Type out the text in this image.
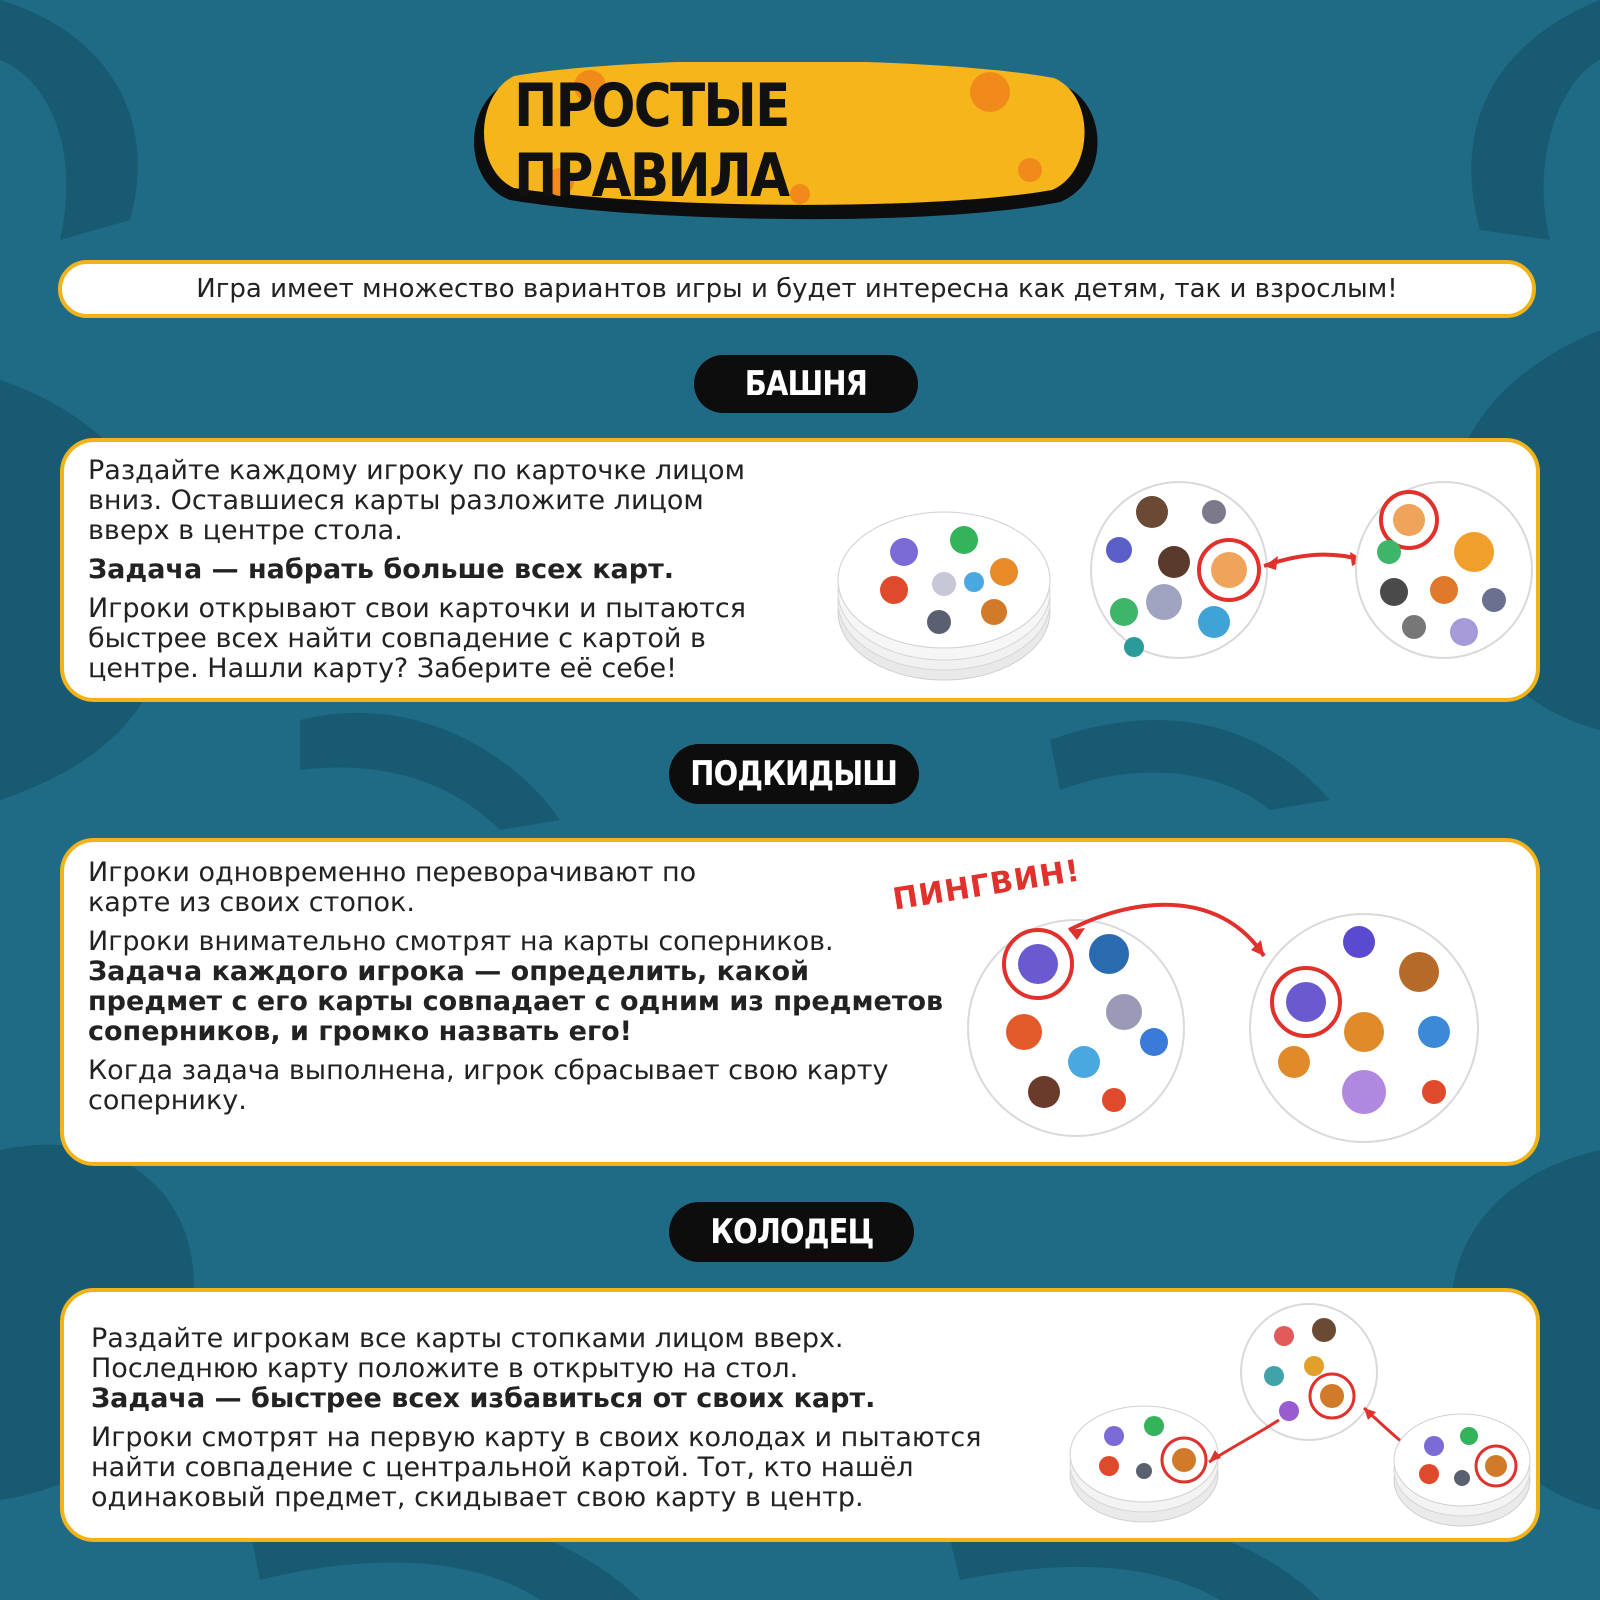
ПРОСТЫЕ ПРАВИЛА
Игра имеет множество вариантов игры и будет интересна как детям, так и взрослым!
БАШНЯ

Раздайте каждому игроку по карточке лицом вниз. Оставшиеся карты разложите лицом вверх в центре стола.

Задача — набрать больше всех карт.

Игроки открывают свои карточки и пытаются быстрее всех найти совпадение с картой в центре. Нашли карту? Заберите её себе!

ПОДКИДЫШ

Игроки одновременно переворачивают по карте из своих стопок.

Игроки внимательно смотрят на карты соперников.

Задача каждого игрока — определить, какой предмет с его карты совпадает с одним из предметов соперников, и громко назвать его!

Когда задача выполнена, игрок сбрасывает свою карту сопернику.

ПИНГВИН!
КОЛОДЕЦ

Раздайте игрокам все карты стопками лицом вверх. Последнюю карту положите в открытую на стол.

Задача — быстрее всех избавиться от своих карт.

Игроки смотрят на первую карту в своих колодах и пытаются найти совпадение с центральной картой. Тот, кто нашёл одинаковый предмет, скидывает свою карту в центр.
